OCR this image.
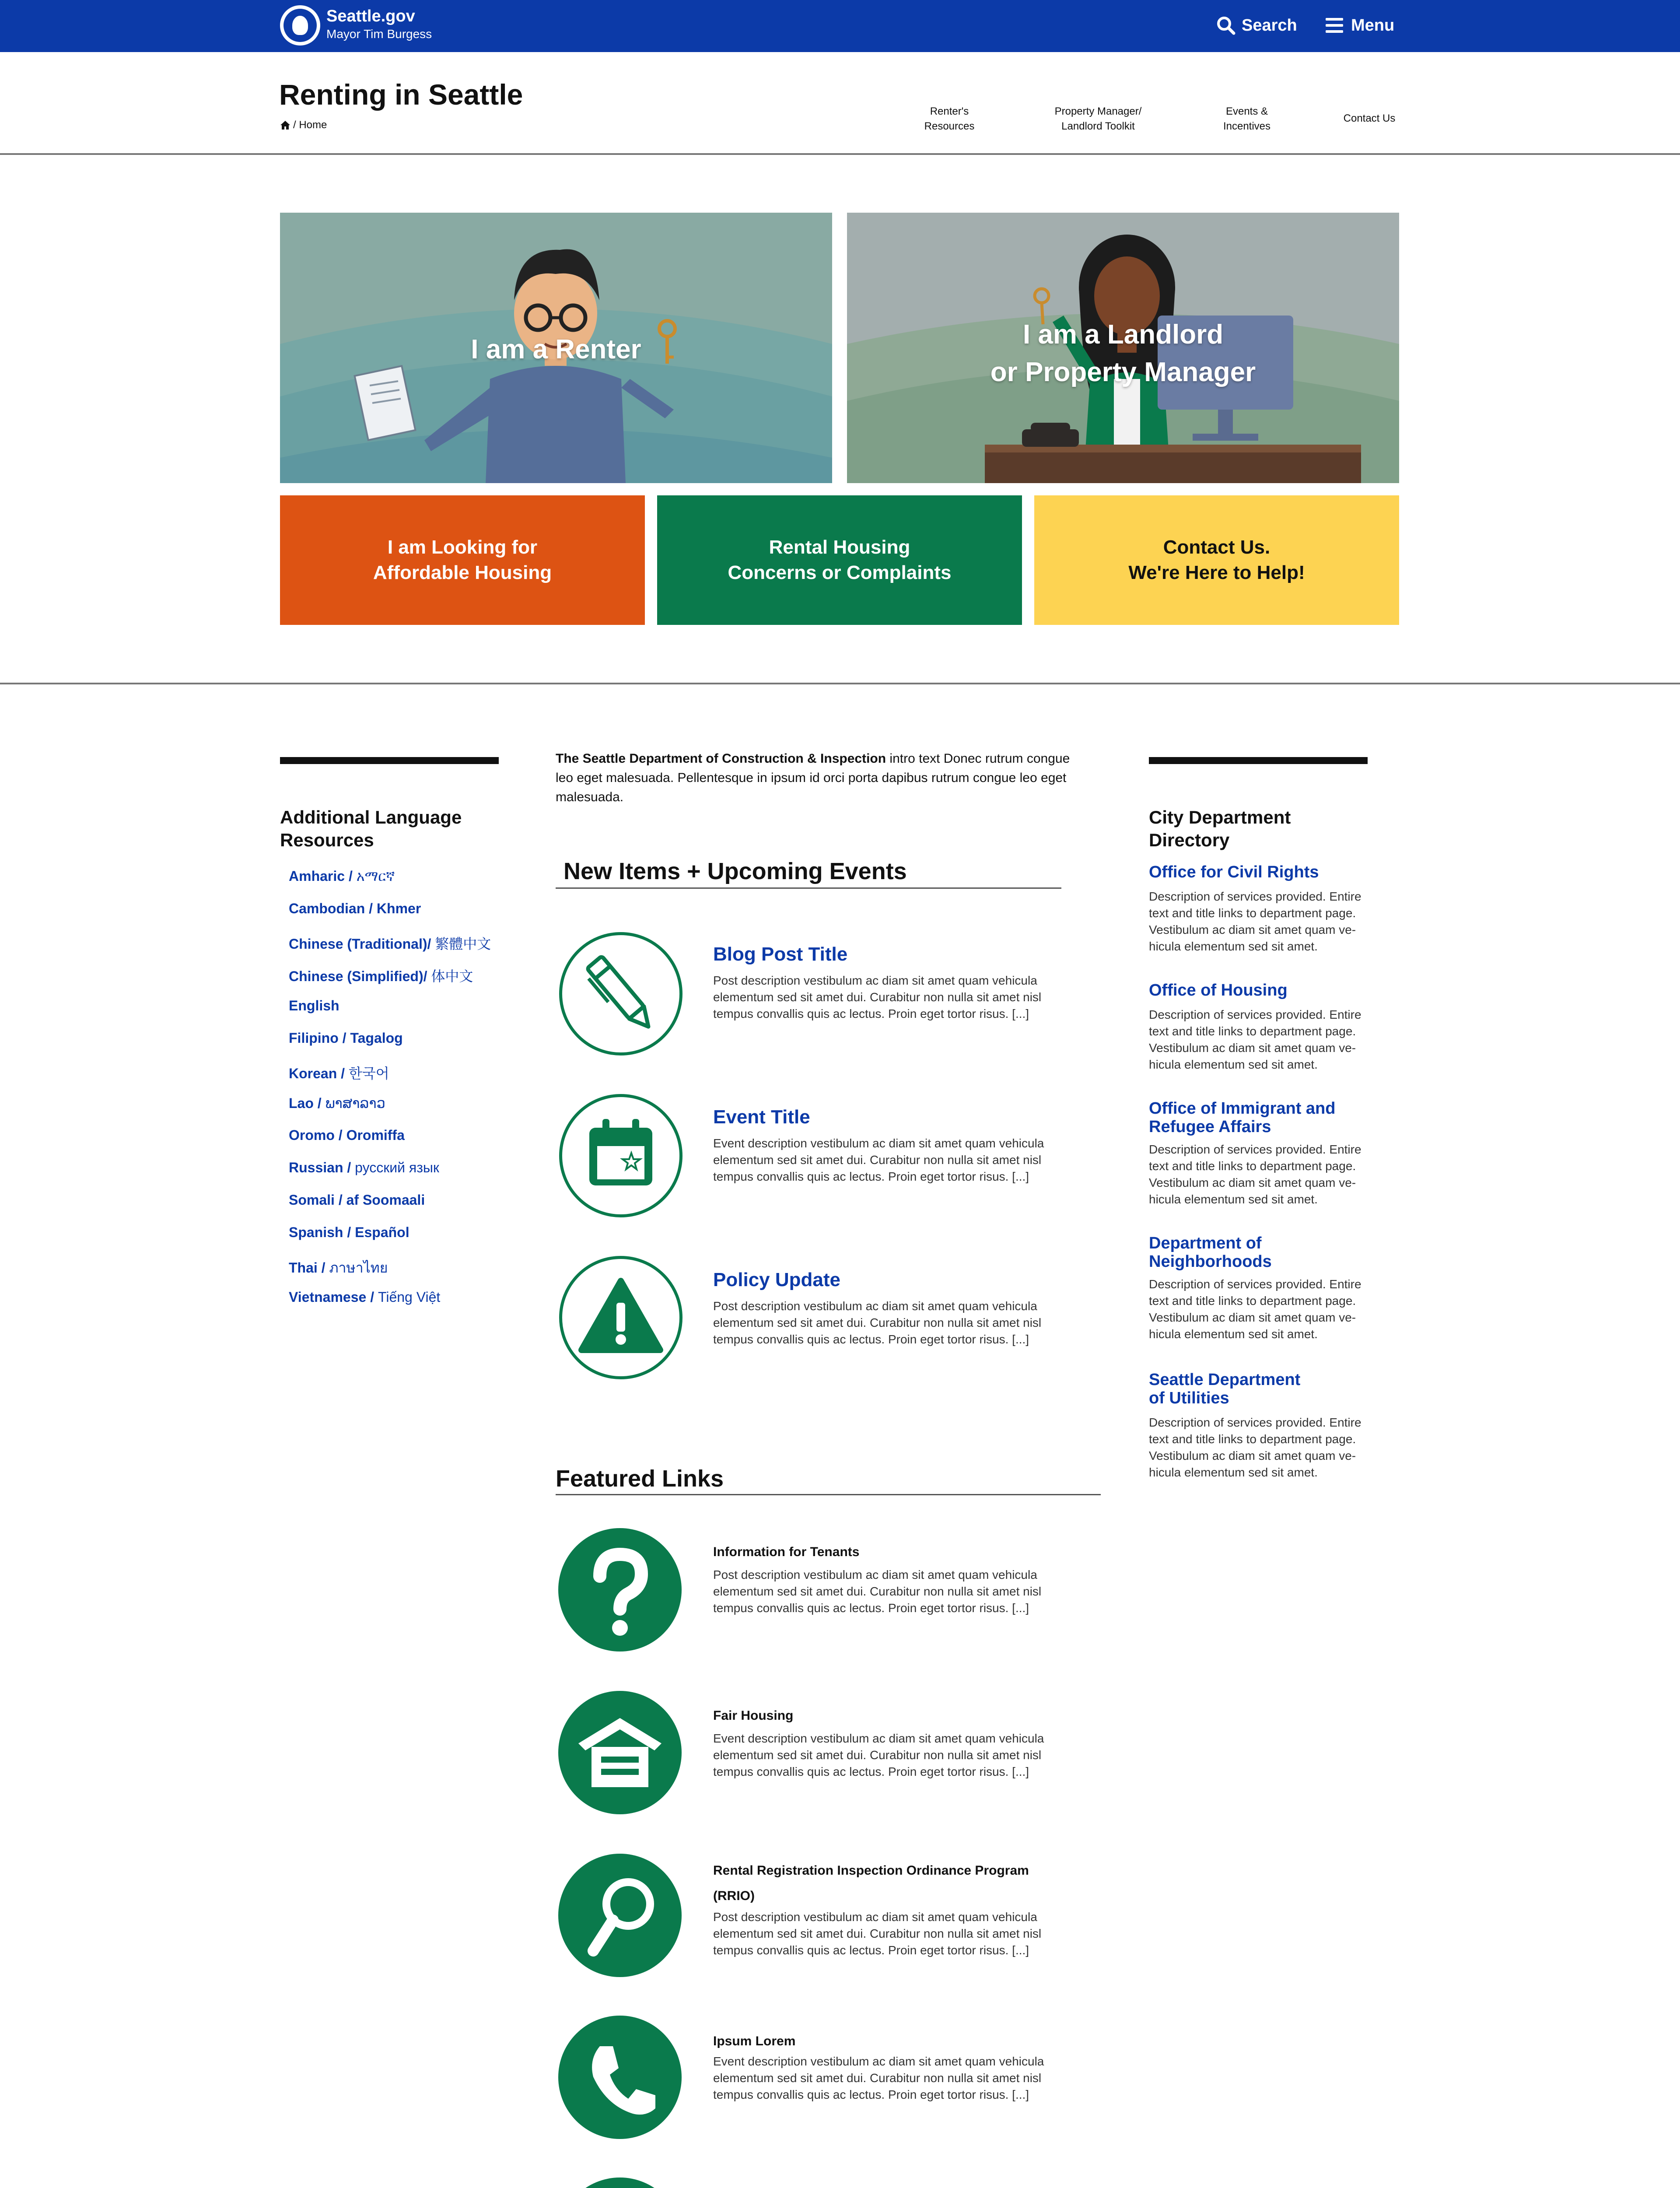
Seattle.gov
Mayor Tim Burgess	Search	Menu
Renting in Seattle
/ Home
Renter's
Resources
Property Manager/
Landlord Toolkit
Events &
Incentives
Contact Us
I am a Renter	I am a Landlord
or Property Manager
I am Looking for
Affordable Housing
Rental Housing
Concerns or Complaints
Contact Us.
We're Here to Help!
Additional Language
Resources
Amharic / አማርኛ
Cambodian / Khmer
Chinese (Traditional)/ 繁體中文
Chinese (Simplified)/ 体中文
English
Filipino / Tagalog
Korean / 한국어
Lao / ພາສາລາວ
Oromo / Oromiffa
Russian / русский язык
Somali / af Soomaali
Spanish / Español
Thai / ภาษาไทย
Vietnamese / Tiếng Việt
The Seattle Department of Construction & Inspection intro text Donec rutrum congue leo eget malesuada. Pellentesque in ipsum id orci porta dapibus rutrum congue leo eget malesuada.
New Items + Upcoming Events
Blog Post Title
Post description vestibulum ac diam sit amet quam vehicula elementum sed sit amet dui. Curabitur non nulla sit amet nisl tempus convallis quis ac lectus. Proin eget tortor risus. [...]
Event Title
Event description vestibulum ac diam sit amet quam vehicula elementum sed sit amet dui. Curabitur non nulla sit amet nisl tempus convallis quis ac lectus. Proin eget tortor risus. [...]
Policy Update
Post description vestibulum ac diam sit amet quam vehicula elementum sed sit amet dui. Curabitur non nulla sit amet nisl tempus convallis quis ac lectus. Proin eget tortor risus. [...]
Featured Links
Information for Tenants
Post description vestibulum ac diam sit amet quam vehicula elementum sed sit amet dui. Curabitur non nulla sit amet nisl tempus convallis quis ac lectus. Proin eget tortor risus. [...]
Fair Housing
Event description vestibulum ac diam sit amet quam vehicula elementum sed sit amet dui. Curabitur non nulla sit amet nisl tempus convallis quis ac lectus. Proin eget tortor risus. [...]
Rental Registration Inspection Ordinance Program (RRIO)
Post description vestibulum ac diam sit amet quam vehicula elementum sed sit amet dui. Curabitur non nulla sit amet nisl tempus convallis quis ac lectus. Proin eget tortor risus. [...]
Ipsum Lorem
Event description vestibulum ac diam sit amet quam vehicula elementum sed sit amet dui. Curabitur non nulla sit amet nisl tempus convallis quis ac lectus. Proin eget tortor risus. [...]
City Department
Directory
Office for Civil Rights
Description of services provided. Entire text and title links to department page. Vestibulum ac diam sit amet quam ve-hicula elementum sed sit amet.
Office of Housing
Description of services provided. Entire text and title links to department page. Vestibulum ac diam sit amet quam ve-hicula elementum sed sit amet.
Office of Immigrant and
Refugee Affairs
Description of services provided. Entire text and title links to department page. Vestibulum ac diam sit amet quam ve-hicula elementum sed sit amet.
Department of
Neighborhoods
Description of services provided. Entire text and title links to department page. Vestibulum ac diam sit amet quam ve-hicula elementum sed sit amet.
Seattle Department
of Utilities
Description of services provided. Entire text and title links to department page. Vestibulum ac diam sit amet quam ve-hicula elementum sed sit amet.
